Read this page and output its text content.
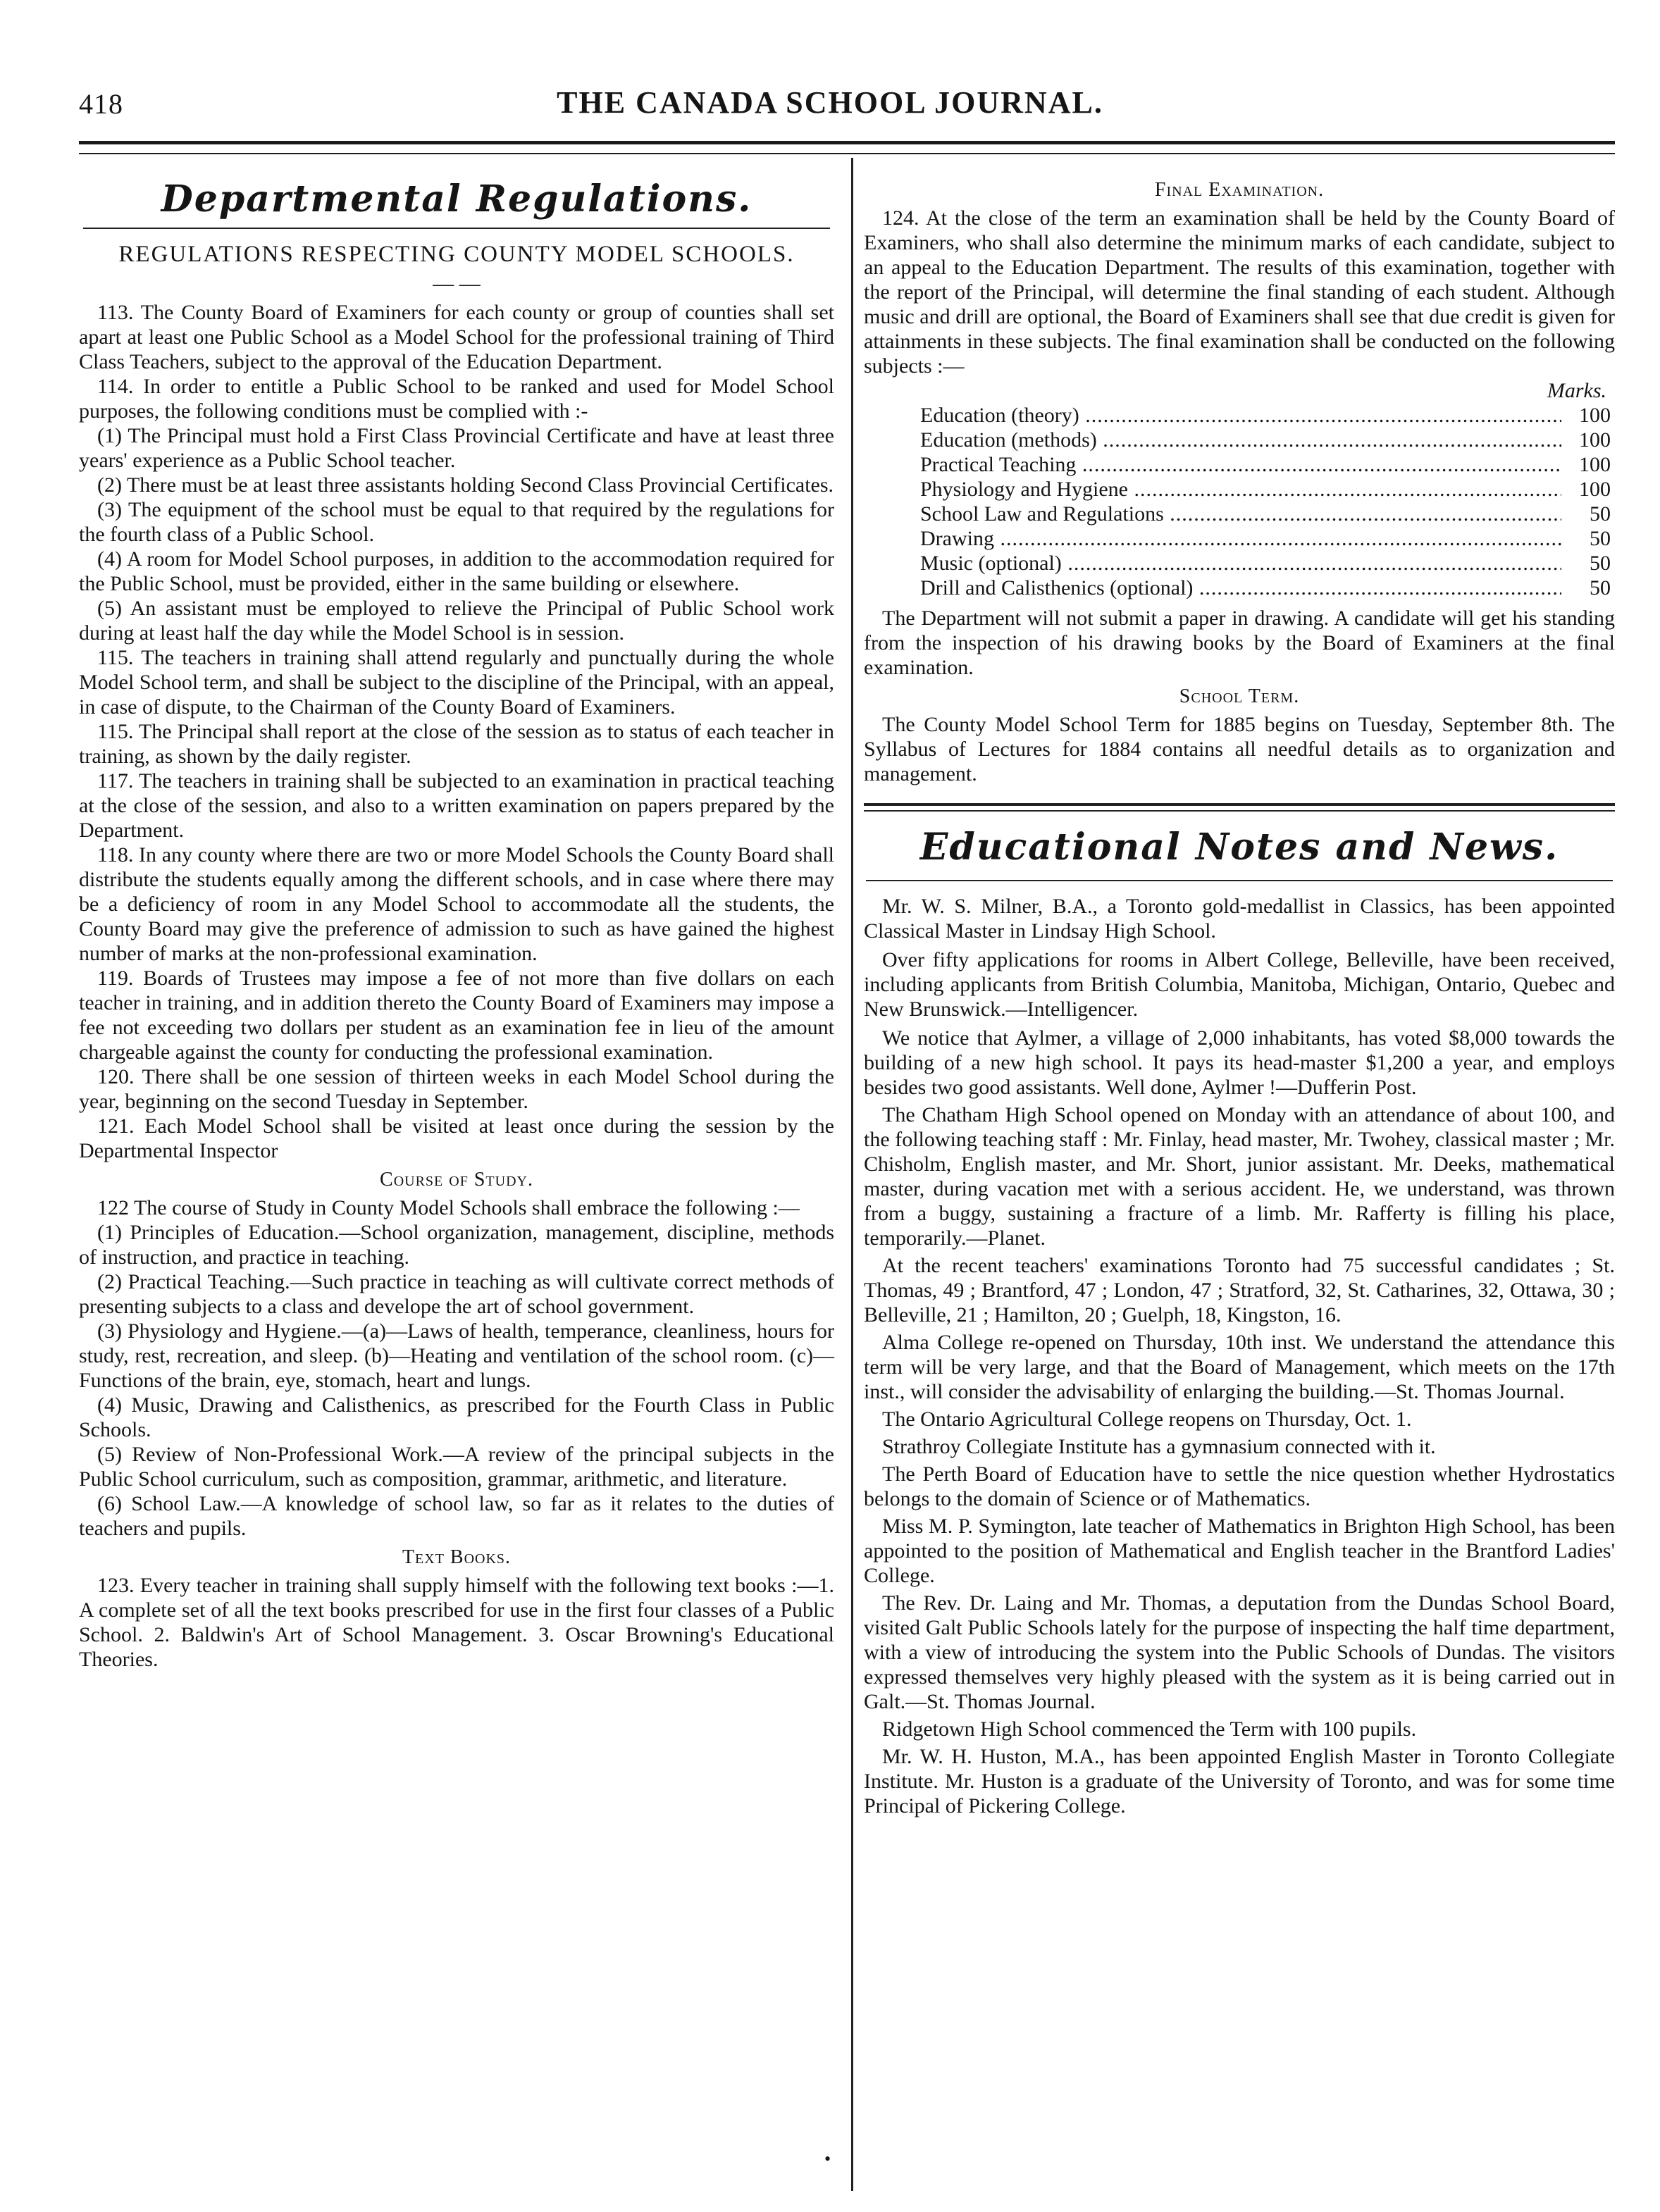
418	THE CANADA SCHOOL JOURNAL.
Departmental Regulations.
REGULATIONS RESPECTING COUNTY MODEL SCHOOLS.
— —

113. The County Board of Examiners for each county or group of counties shall set apart at least one Public School as a Model School for the professional training of Third Class Teachers, subject to the approval of the Education Department.

114. In order to entitle a Public School to be ranked and used for Model School purposes, the following conditions must be complied with :-

(1) The Principal must hold a First Class Provincial Certificate and have at least three years' experience as a Public School teacher.

(2) There must be at least three assistants holding Second Class Provincial Certificates.

(3) The equipment of the school must be equal to that required by the regulations for the fourth class of a Public School.

(4) A room for Model School purposes, in addition to the accommodation required for the Public School, must be provided, either in the same building or elsewhere.

(5) An assistant must be employed to relieve the Principal of Public School work during at least half the day while the Model School is in session.

115. The teachers in training shall attend regularly and punctually during the whole Model School term, and shall be subject to the discipline of the Principal, with an appeal, in case of dispute, to the Chairman of the County Board of Examiners.

115. The Principal shall report at the close of the session as to status of each teacher in training, as shown by the daily register.

117. The teachers in training shall be subjected to an examination in practical teaching at the close of the session, and also to a written examination on papers prepared by the Department.

118. In any county where there are two or more Model Schools the County Board shall distribute the students equally among the different schools, and in case where there may be a deficiency of room in any Model School to accommodate all the students, the County Board may give the preference of admission to such as have gained the highest number of marks at the non-professional examination.

119. Boards of Trustees may impose a fee of not more than five dollars on each teacher in training, and in addition thereto the County Board of Examiners may impose a fee not exceeding two dollars per student as an examination fee in lieu of the amount chargeable against the county for conducting the professional examination.

120. There shall be one session of thirteen weeks in each Model School during the year, beginning on the second Tuesday in September.

121. Each Model School shall be visited at least once during the session by the Departmental Inspector

Course of Study.

122 The course of Study in County Model Schools shall embrace the following :—

(1) Principles of Education.—School organization, management, discipline, methods of instruction, and practice in teaching.

(2) Practical Teaching.—Such practice in teaching as will cultivate correct methods of presenting subjects to a class and develope the art of school government.

(3) Physiology and Hygiene.—(a)—Laws of health, temperance, cleanliness, hours for study, rest, recreation, and sleep. (b)—Heating and ventilation of the school room. (c)—Functions of the brain, eye, stomach, heart and lungs.

(4) Music, Drawing and Calisthenics, as prescribed for the Fourth Class in Public Schools.

(5) Review of Non-Professional Work.—A review of the principal subjects in the Public School curriculum, such as composition, grammar, arithmetic, and literature.

(6) School Law.—A knowledge of school law, so far as it relates to the duties of teachers and pupils.

Text Books.

123. Every teacher in training shall supply himself with the following text books :—1. A complete set of all the text books prescribed for use in the first four classes of a Public School. 2. Baldwin's Art of School Management. 3. Oscar Browning's Educational Theories.

Final Examination.

124. At the close of the term an examination shall be held by the County Board of Examiners, who shall also determine the minimum marks of each candidate, subject to an appeal to the Education Department. The results of this examination, together with the report of the Principal, will determine the final standing of each student. Although music and drill are optional, the Board of Examiners shall see that due credit is given for attainments in these subjects. The final examination shall be conducted on the following subjects :—

Marks.
Education (theory) .....	100
Education (methods) .....	100
Practical Teaching .....	100
Physiology and Hygiene .....	100
School Law and Regulations .....	50
Drawing .....	50
Music (optional) .....	50
Drill and Calisthenics (optional) .....	50

The Department will not submit a paper in drawing. A candidate will get his standing from the inspection of his drawing books by the Board of Examiners at the final examination.

School Term.

The County Model School Term for 1885 begins on Tuesday, September 8th. The Syllabus of Lectures for 1884 contains all needful details as to organization and management.

Educational Notes and News.

Mr. W. S. Milner, B.A., a Toronto gold-medallist in Classics, has been appointed Classical Master in Lindsay High School.

Over fifty applications for rooms in Albert College, Belleville, have been received, including applicants from British Columbia, Manitoba, Michigan, Ontario, Quebec and New Brunswick.—Intelligencer.

We notice that Aylmer, a village of 2,000 inhabitants, has voted $8,000 towards the building of a new high school. It pays its head-master $1,200 a year, and employs besides two good assistants. Well done, Aylmer !—Dufferin Post.

The Chatham High School opened on Monday with an attendance of about 100, and the following teaching staff : Mr. Finlay, head master, Mr. Twohey, classical master ; Mr. Chisholm, English master, and Mr. Short, junior assistant. Mr. Deeks, mathematical master, during vacation met with a serious accident. He, we understand, was thrown from a buggy, sustaining a fracture of a limb. Mr. Rafferty is filling his place, temporarily.—Planet.

At the recent teachers' examinations Toronto had 75 successful candidates ; St. Thomas, 49 ; Brantford, 47 ; London, 47 ; Stratford, 32, St. Catharines, 32, Ottawa, 30 ; Belleville, 21 ; Hamilton, 20 ; Guelph, 18, Kingston, 16.

Alma College re-opened on Thursday, 10th inst. We understand the attendance this term will be very large, and that the Board of Management, which meets on the 17th inst., will consider the advisability of enlarging the building.—St. Thomas Journal.

The Ontario Agricultural College reopens on Thursday, Oct. 1.

Strathroy Collegiate Institute has a gymnasium connected with it.

The Perth Board of Education have to settle the nice question whether Hydrostatics belongs to the domain of Science or of Mathematics.

Miss M. P. Symington, late teacher of Mathematics in Brighton High School, has been appointed to the position of Mathematical and English teacher in the Brantford Ladies' College.

The Rev. Dr. Laing and Mr. Thomas, a deputation from the Dundas School Board, visited Galt Public Schools lately for the purpose of inspecting the half time department, with a view of introducing the system into the Public Schools of Dundas. The visitors expressed themselves very highly pleased with the system as it is being carried out in Galt.—St. Thomas Journal.

Ridgetown High School commenced the Term with 100 pupils.

Mr. W. H. Huston, M.A., has been appointed English Master in Toronto Collegiate Institute. Mr. Huston is a graduate of the University of Toronto, and was for some time Principal of Pickering College.

•
